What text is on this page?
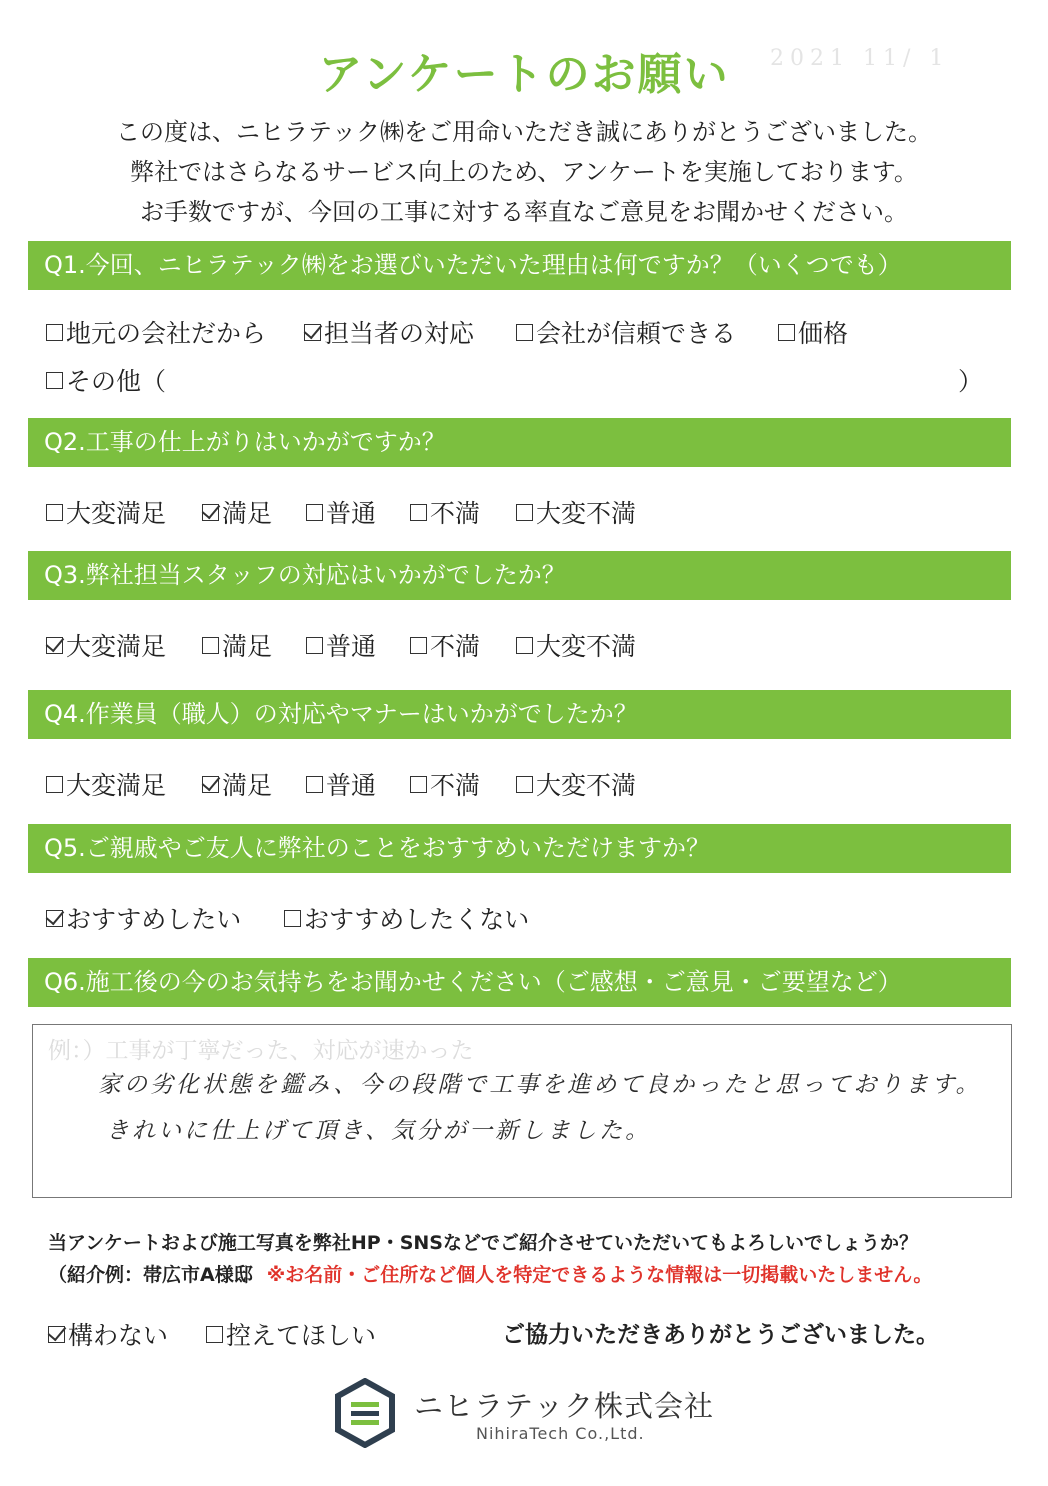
アンケートのお願い	2021 11/ 1
この度は、ニヒラテック㈱をご用命いただき誠にありがとうございました。
弊社ではさらなるサービス向上のため、アンケートを実施しております。
お手数ですが、今回の工事に対する率直なご意見をお聞かせください。
Q1.今回、ニヒラテック㈱をお選びいただいた理由は何ですか？（いくつでも）
地元の会社だから 担当者の対応 会社が信頼できる 価格
その他（	）
Q2.工事の仕上がりはいかがですか？
大変満足 満足 普通 不満 大変不満
Q3.弊社担当スタッフの対応はいかがでしたか？
大変満足 満足 普通 不満 大変不満
Q4.作業員（職人）の対応やマナーはいかがでしたか？
大変満足 満足 普通 不満 大変不満
Q5.ご親戚やご友人に弊社のことをおすすめいただけますか？
おすすめしたい	おすすめしたくない
Q6.施工後の今のお気持ちをお聞かせください（ご感想・ご意見・ご要望など）
例：）工事が丁寧だった、対応が速かった
家の劣化状態を鑑み、今の段階で工事を進めて良かったと思っております。
きれいに仕上げて頂き、気分が一新しました。
当アンケートおよび施工写真を弊社HP・SNSなどでご紹介させていただいてもよろしいでしょうか？
（紹介例：帯広市A様邸 ※お名前・ご住所など個人を特定できるような情報は一切掲載いたしません。
構わない 控えてほしい	ご協力いただきありがとうございました。
ニヒラテック株式会社
NihiraTech Co.,Ltd.
